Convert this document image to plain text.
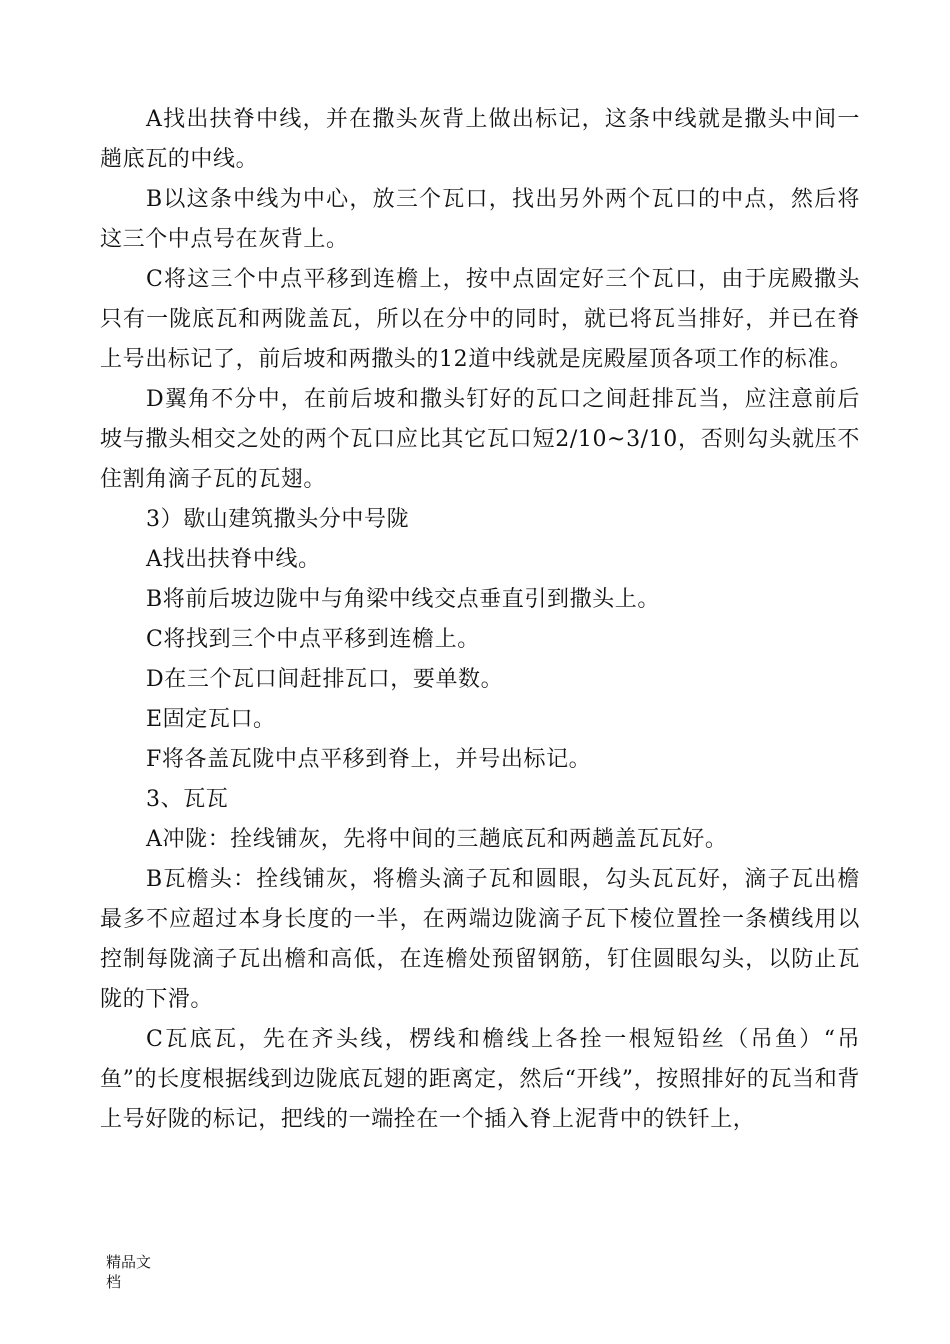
A找出扶脊中线，并在撒头灰背上做出标记，这条中线就是撒头中间一趟底瓦的中线。

B以这条中线为中心，放三个瓦口，找出另外两个瓦口的中点，然后将这三个中点号在灰背上。

C将这三个中点平移到连檐上，按中点固定好三个瓦口，由于庑殿撒头只有一陇底瓦和两陇盖瓦，所以在分中的同时，就已将瓦当排好，并已在脊上号出标记了，前后坡和两撒头的12道中线就是庑殿屋顶各项工作的标准。

D翼角不分中，在前后坡和撒头钉好的瓦口之间赶排瓦当，应注意前后坡与撒头相交之处的两个瓦口应比其它瓦口短2/10~3/10，否则勾头就压不住割角滴子瓦的瓦翅。

3）歇山建筑撒头分中号陇

A找出扶脊中线。

B将前后坡边陇中与角梁中线交点垂直引到撒头上。

C将找到三个中点平移到连檐上。

D在三个瓦口间赶排瓦口，要单数。

E固定瓦口。

F将各盖瓦陇中点平移到脊上，并号出标记。

3、瓦瓦

A冲陇：拴线铺灰，先将中间的三趟底瓦和两趟盖瓦瓦好。

B瓦檐头：拴线铺灰，将檐头滴子瓦和圆眼，勾头瓦瓦好，滴子瓦出檐最多不应超过本身长度的一半，在两端边陇滴子瓦下棱位置拴一条横线用以控制每陇滴子瓦出檐和高低，在连檐处预留钢筋，钉住圆眼勾头，以防止瓦陇的下滑。

C瓦底瓦，先在齐头线，楞线和檐线上各拴一根短铅丝（吊鱼）“吊鱼”的长度根据线到边陇底瓦翅的距离定，然后“开线”，按照排好的瓦当和背上号好陇的标记，把线的一端拴在一个插入脊上泥背中的铁钎上，

精品文
档
